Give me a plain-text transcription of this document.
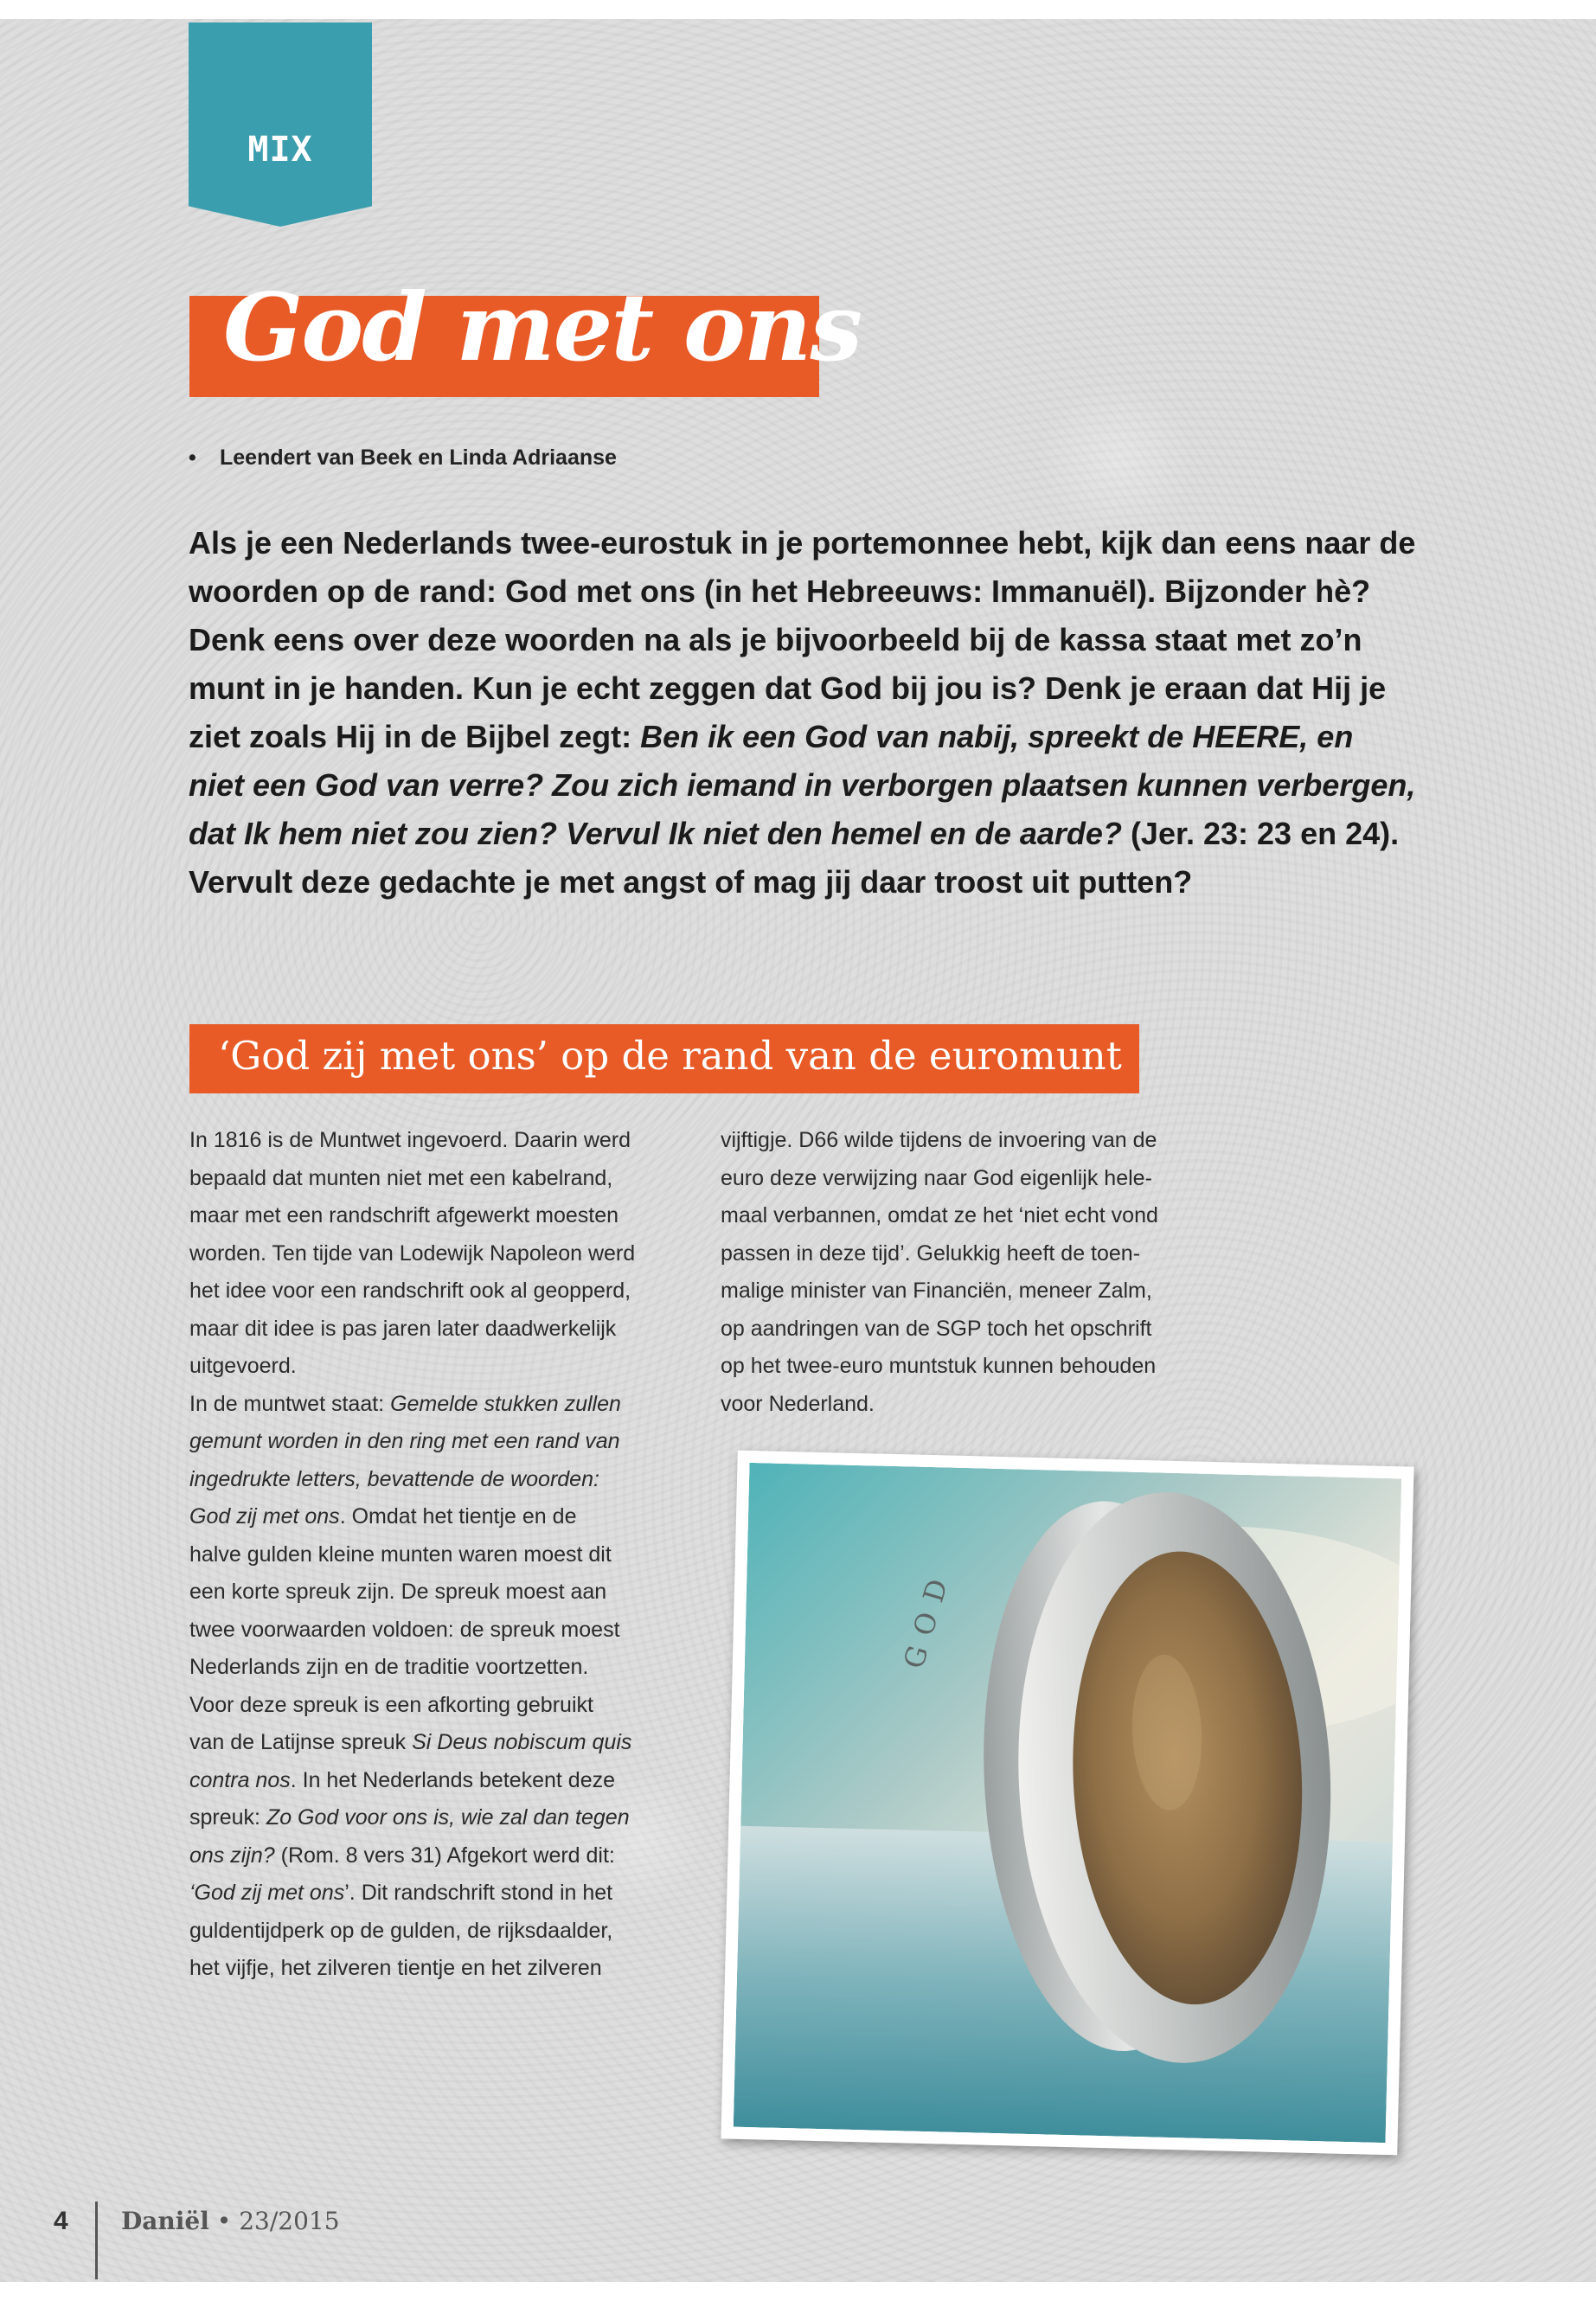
MIX
God met ons
• Leendert van Beek en Linda Adriaanse
Als je een Nederlands twee-eurostuk in je portemonnee hebt, kijk dan eens naar de woorden op de rand: God met ons (in het Hebreeuws: Immanuël). Bijzonder hè? Denk eens over deze woorden na als je bijvoorbeeld bij de kassa staat met zo’n munt in je handen. Kun je echt zeggen dat God bij jou is? Denk je eraan dat Hij je ziet zoals Hij in de Bijbel zegt: Ben ik een God van nabij, spreekt de HEERE, en niet een God van verre? Zou zich iemand in verborgen plaatsen kunnen verbergen, dat Ik hem niet zou zien? Vervul Ik niet den hemel en de aarde? (Jer. 23: 23 en 24). Vervult deze gedachte je met angst of mag jij daar troost uit putten?
‘God zij met ons’ op de rand van de euromunt
In 1816 is de Muntwet ingevoerd. Daarin werd
bepaald dat munten niet met een kabelrand,
maar met een randschrift afgewerkt moesten
worden. Ten tijde van Lodewijk Napoleon werd
het idee voor een randschrift ook al geopperd,
maar dit idee is pas jaren later daadwerkelijk
uitgevoerd.
In de muntwet staat: Gemelde stukken zullen
gemunt worden in den ring met een rand van
ingedrukte letters, bevattende de woorden:
God zij met ons. Omdat het tientje en de
halve gulden kleine munten waren moest dit
een korte spreuk zijn. De spreuk moest aan
twee voorwaarden voldoen: de spreuk moest
Nederlands zijn en de traditie voortzetten.
Voor deze spreuk is een afkorting gebruikt
van de Latijnse spreuk Si Deus nobiscum quis
contra nos. In het Nederlands betekent deze
spreuk: Zo God voor ons is, wie zal dan tegen
ons zijn? (Rom. 8 vers 31) Afgekort werd dit:
‘God zij met ons’. Dit randschrift stond in het
guldentijdperk op de gulden, de rijksdaalder,
het vijfje, het zilveren tientje en het zilveren
vijftigje. D66 wilde tijdens de invoering van de
euro deze verwijzing naar God eigenlijk hele-
maal verbannen, omdat ze het ‘niet echt vond
passen in deze tijd’. Gelukkig heeft de toen-
malige minister van Financiën, meneer Zalm,
op aandringen van de SGP toch het opschrift
op het twee-euro muntstuk kunnen behouden
voor Nederland.
GOD
4 Daniël • 23/2015
